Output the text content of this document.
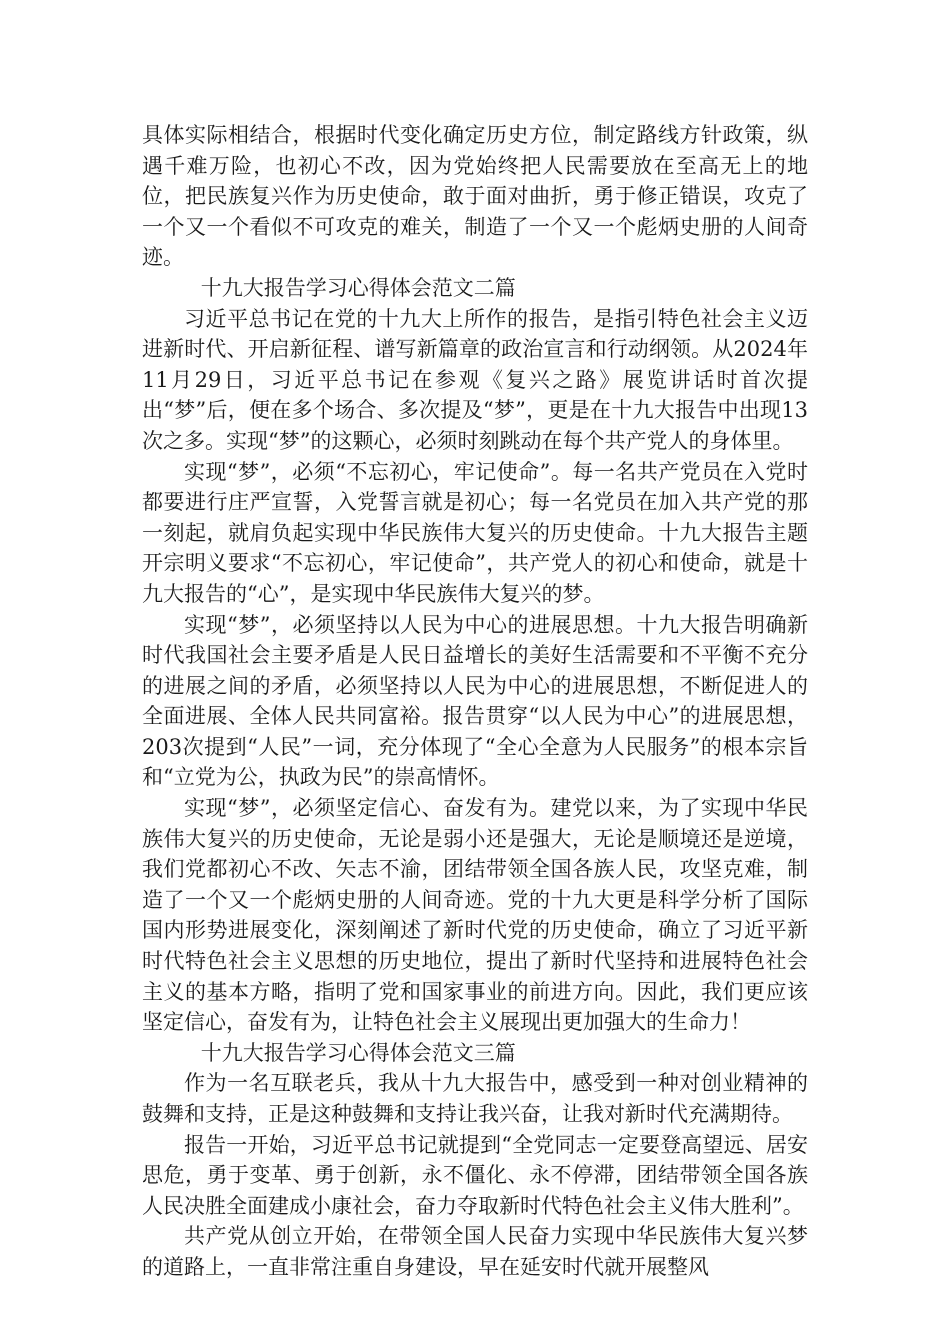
具体实际相结合，根据时代变化确定历史方位，制定路线方针政策，纵遇千难万险，也初心不改，因为党始终把人民需要放在至高无上的地位，把民族复兴作为历史使命，敢于面对曲折，勇于修正错误，攻克了一个又一个看似不可攻克的难关，制造了一个又一个彪炳史册的人间奇迹。

十九大报告学习心得体会范文二篇

习近平总书记在党的十九大上所作的报告，是指引特色社会主义迈进新时代、开启新征程、谱写新篇章的政治宣言和行动纲领。从2024年11月29日，习近平总书记在参观《复兴之路》展览讲话时首次提出“梦”后，便在多个场合、多次提及“梦”，更是在十九大报告中出现13次之多。实现“梦”的这颗心，必须时刻跳动在每个共产党人的身体里。

实现“梦”，必须“不忘初心，牢记使命”。每一名共产党员在入党时都要进行庄严宣誓，入党誓言就是初心；每一名党员在加入共产党的那一刻起，就肩负起实现中华民族伟大复兴的历史使命。十九大报告主题开宗明义要求“不忘初心，牢记使命”，共产党人的初心和使命，就是十九大报告的“心”，是实现中华民族伟大复兴的梦。

实现“梦”，必须坚持以人民为中心的进展思想。十九大报告明确新时代我国社会主要矛盾是人民日益增长的美好生活需要和不平衡不充分的进展之间的矛盾，必须坚持以人民为中心的进展思想，不断促进人的全面进展、全体人民共同富裕。报告贯穿“以人民为中心”的进展思想，203次提到“人民”一词，充分体现了“全心全意为人民服务”的根本宗旨和“立党为公，执政为民”的崇高情怀。

实现“梦”，必须坚定信心、奋发有为。建党以来，为了实现中华民族伟大复兴的历史使命，无论是弱小还是强大，无论是顺境还是逆境，我们党都初心不改、矢志不渝，团结带领全国各族人民，攻坚克难，制造了一个又一个彪炳史册的人间奇迹。党的十九大更是科学分析了国际国内形势进展变化，深刻阐述了新时代党的历史使命，确立了习近平新时代特色社会主义思想的历史地位，提出了新时代坚持和进展特色社会主义的基本方略，指明了党和国家事业的前进方向。因此，我们更应该坚定信心，奋发有为，让特色社会主义展现出更加强大的生命力！

十九大报告学习心得体会范文三篇

作为一名互联老兵，我从十九大报告中，感受到一种对创业精神的鼓舞和支持，正是这种鼓舞和支持让我兴奋，让我对新时代充满期待。

报告一开始，习近平总书记就提到“全党同志一定要登高望远、居安思危，勇于变革、勇于创新，永不僵化、永不停滞，团结带领全国各族人民决胜全面建成小康社会，奋力夺取新时代特色社会主义伟大胜利”。

共产党从创立开始，在带领全国人民奋力实现中华民族伟大复兴梦的道路上，一直非常注重自身建设，早在延安时代就开展整风
